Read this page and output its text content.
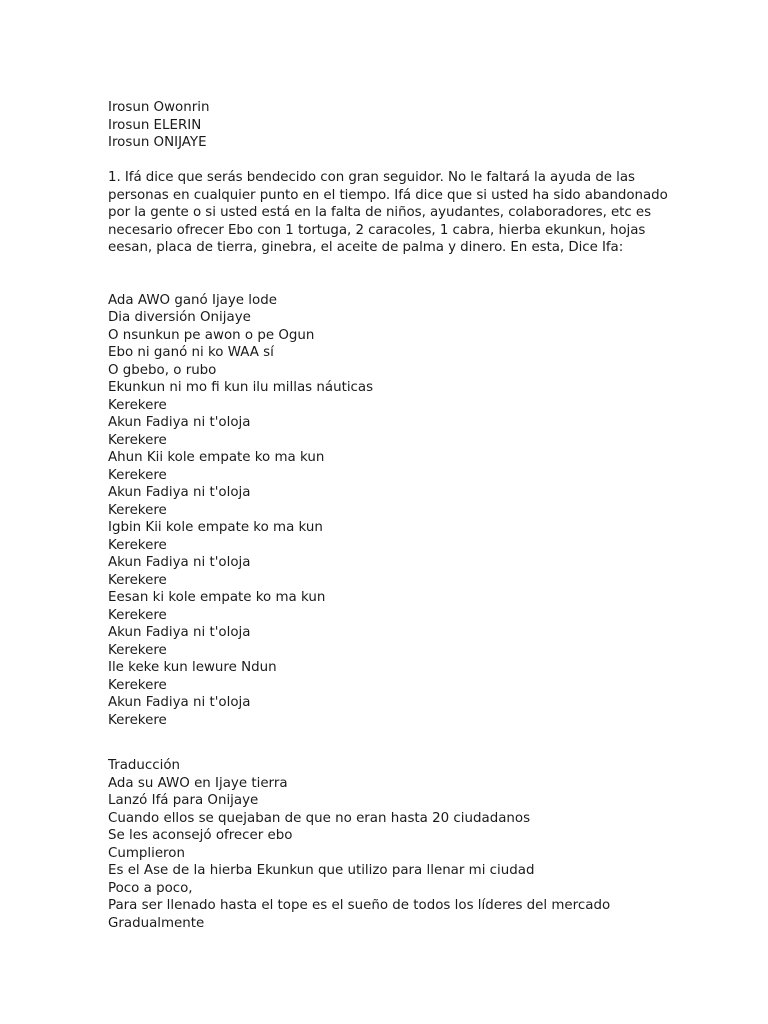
Irosun Owonrin
Irosun ELERIN
Irosun ONIJAYE
1. Ifá dice que serás bendecido con gran seguidor. No le faltará la ayuda de las
personas en cualquier punto en el tiempo. Ifá dice que si usted ha sido abandonado
por la gente o si usted está en la falta de niños, ayudantes, colaboradores, etc es
necesario ofrecer Ebo con 1 tortuga, 2 caracoles, 1 cabra, hierba ekunkun, hojas
eesan, placa de tierra, ginebra, el aceite de palma y dinero. En esta, Dice Ifa:
Ada AWO ganó Ijaye lode
Dia diversión Onijaye
O nsunkun pe awon o pe Ogun
Ebo ni ganó ni ko WAA sí
O gbebo, o rubo
Ekunkun ni mo fi kun ilu millas náuticas
Kerekere
Akun Fadiya ni t'oloja
Kerekere
Ahun Kii kole empate ko ma kun
Kerekere
Akun Fadiya ni t'oloja
Kerekere
Igbin Kii kole empate ko ma kun
Kerekere
Akun Fadiya ni t'oloja
Kerekere
Eesan ki kole empate ko ma kun
Kerekere
Akun Fadiya ni t'oloja
Kerekere
Ile keke kun lewure Ndun
Kerekere
Akun Fadiya ni t'oloja
Kerekere
Traducción
Ada su AWO en Ijaye tierra
Lanzó Ifá para Onijaye
Cuando ellos se quejaban de que no eran hasta 20 ciudadanos
Se les aconsejó ofrecer ebo
Cumplieron
Es el Ase de la hierba Ekunkun que utilizo para llenar mi ciudad
Poco a poco,
Para ser llenado hasta el tope es el sueño de todos los líderes del mercado
Gradualmente
